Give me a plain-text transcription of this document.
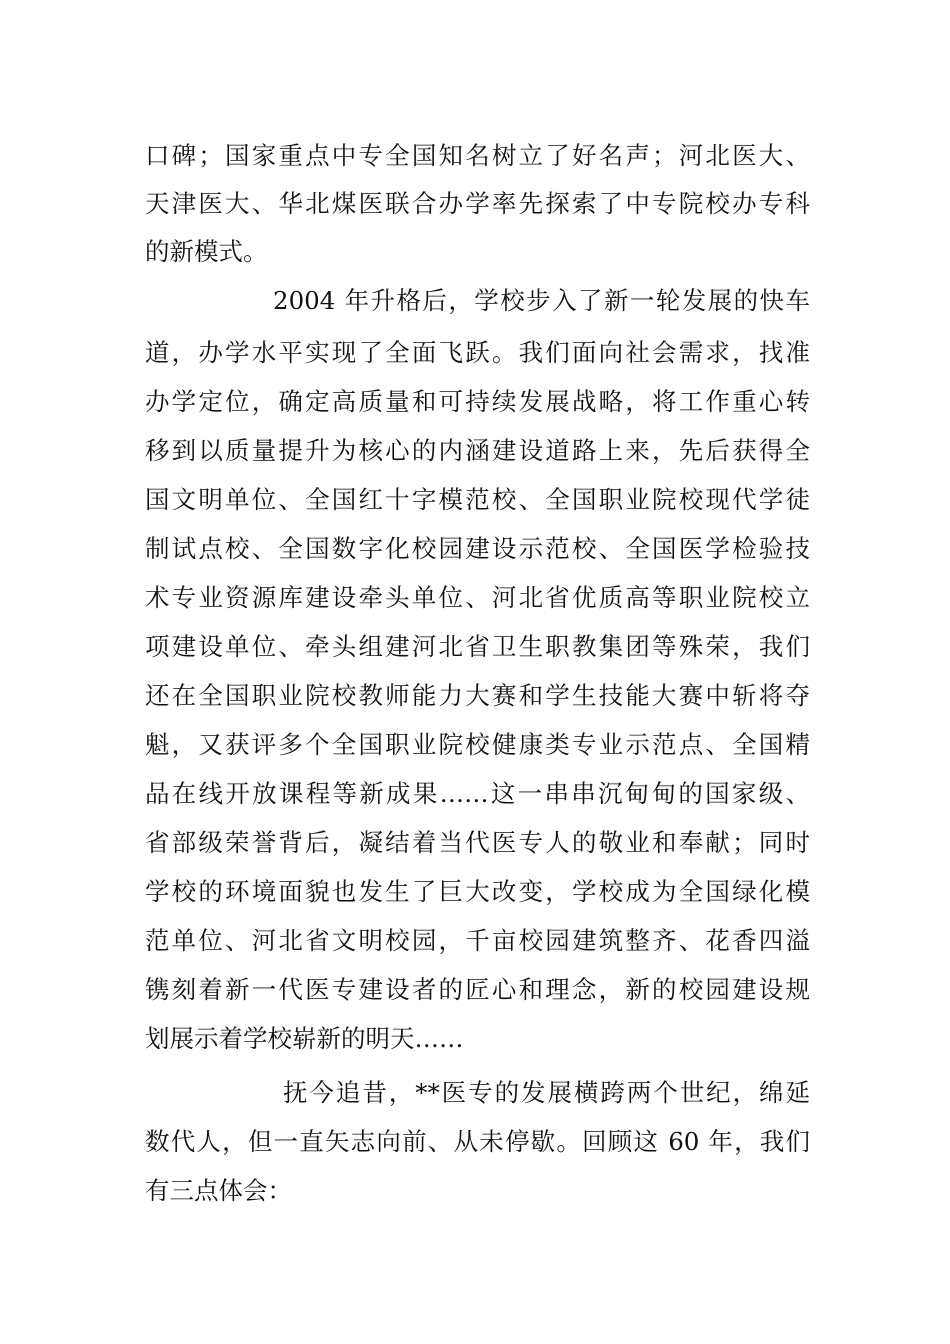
口碑；国家重点中专全国知名树立了好名声；河北医大、
天津医大、华北煤医联合办学率先探索了中专院校办专科
的新模式。
2004 年升格后，学校步入了新一轮发展的快车
道，办学水平实现了全面飞跃。我们面向社会需求，找准
办学定位，确定高质量和可持续发展战略，将工作重心转
移到以质量提升为核心的内涵建设道路上来，先后获得全
国文明单位、全国红十字模范校、全国职业院校现代学徒
制试点校、全国数字化校园建设示范校、全国医学检验技
术专业资源库建设牵头单位、河北省优质高等职业院校立
项建设单位、牵头组建河北省卫生职教集团等殊荣，我们
还在全国职业院校教师能力大赛和学生技能大赛中斩将夺
魁，又获评多个全国职业院校健康类专业示范点、全国精
品在线开放课程等新成果……这一串串沉甸甸的国家级、
省部级荣誉背后，凝结着当代医专人的敬业和奉献；同时
学校的环境面貌也发生了巨大改变，学校成为全国绿化模
范单位、河北省文明校园，千亩校园建筑整齐、花香四溢
镌刻着新一代医专建设者的匠心和理念，新的校园建设规
划展示着学校崭新的明天……
抚今追昔，**医专的发展横跨两个世纪，绵延
数代人，但一直矢志向前、从未停歇。回顾这 60 年，我们
有三点体会：
